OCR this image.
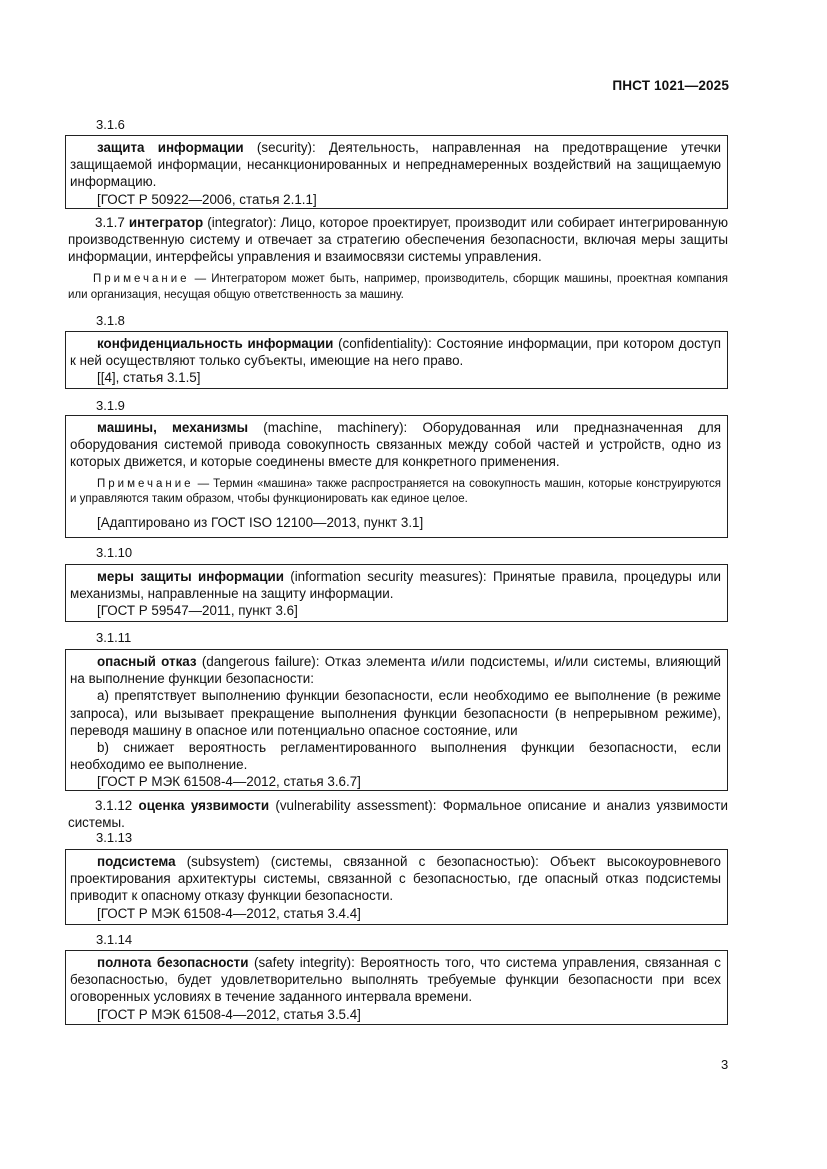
ПНСТ 1021—2025
3.1.6

защита информации (security): Деятельность, направленная на предотвращение утечки защищаемой информации, несанкционированных и непреднамеренных воздействий на защищаемую информацию.

[ГОСТ Р 50922—2006, статья 2.1.1]

3.1.7 интегратор (integrator): Лицо, которое проектирует, производит или собирает интегрированную производственную систему и отвечает за стратегию обеспечения безопасности, включая меры защиты информации, интерфейсы управления и взаимосвязи системы управления.

Примечание — Интегратором может быть, например, производитель, сборщик машины, проектная компания или организация, несущая общую ответственность за машину.
3.1.8

конфиденциальность информации (confidentiality): Состояние информации, при котором доступ к ней осуществляют только субъекты, имеющие на него право.

[[4], статья 3.1.5]

3.1.9

машины, механизмы (machine, machinery): Оборудованная или предназначенная для оборудования системой привода совокупность связанных между собой частей и устройств, одно из которых движется, и которые соединены вместе для конкретного применения.

Примечание — Термин «машина» также распространяется на совокупность машин, которые конструируются и управляются таким образом, чтобы функционировать как единое целое.

[Адаптировано из ГОСТ ISO 12100—2013, пункт 3.1]

3.1.10

меры защиты информации (information security measures): Принятые правила, процедуры или механизмы, направленные на защиту информации.

[ГОСТ Р 59547—2011, пункт 3.6]

3.1.11

опасный отказ (dangerous failure): Отказ элемента и/или подсистемы, и/или системы, влияющий на выполнение функции безопасности:

a) препятствует выполнению функции безопасности, если необходимо ее выполнение (в режиме запроса), или вызывает прекращение выполнения функции безопасности (в непрерывном режиме), переводя машину в опасное или потенциально опасное состояние, или

b) снижает вероятность регламентированного выполнения функции безопасности, если необходимо ее выполнение.

[ГОСТ Р МЭК 61508-4—2012, статья 3.6.7]

3.1.12 оценка уязвимости (vulnerability assessment): Формальное описание и анализ уязвимости системы.

3.1.13

подсистема (subsystem) (системы, связанной с безопасностью): Объект высокоуровневого проектирования архитектуры системы, связанной с безопасностью, где опасный отказ подсистемы приводит к опасному отказу функции безопасности.

[ГОСТ Р МЭК 61508-4—2012, статья 3.4.4]

3.1.14

полнота безопасности (safety integrity): Вероятность того, что система управления, связанная с безопасностью, будет удовлетворительно выполнять требуемые функции безопасности при всех оговоренных условиях в течение заданного интервала времени.

[ГОСТ Р МЭК 61508-4—2012, статья 3.5.4]

3
